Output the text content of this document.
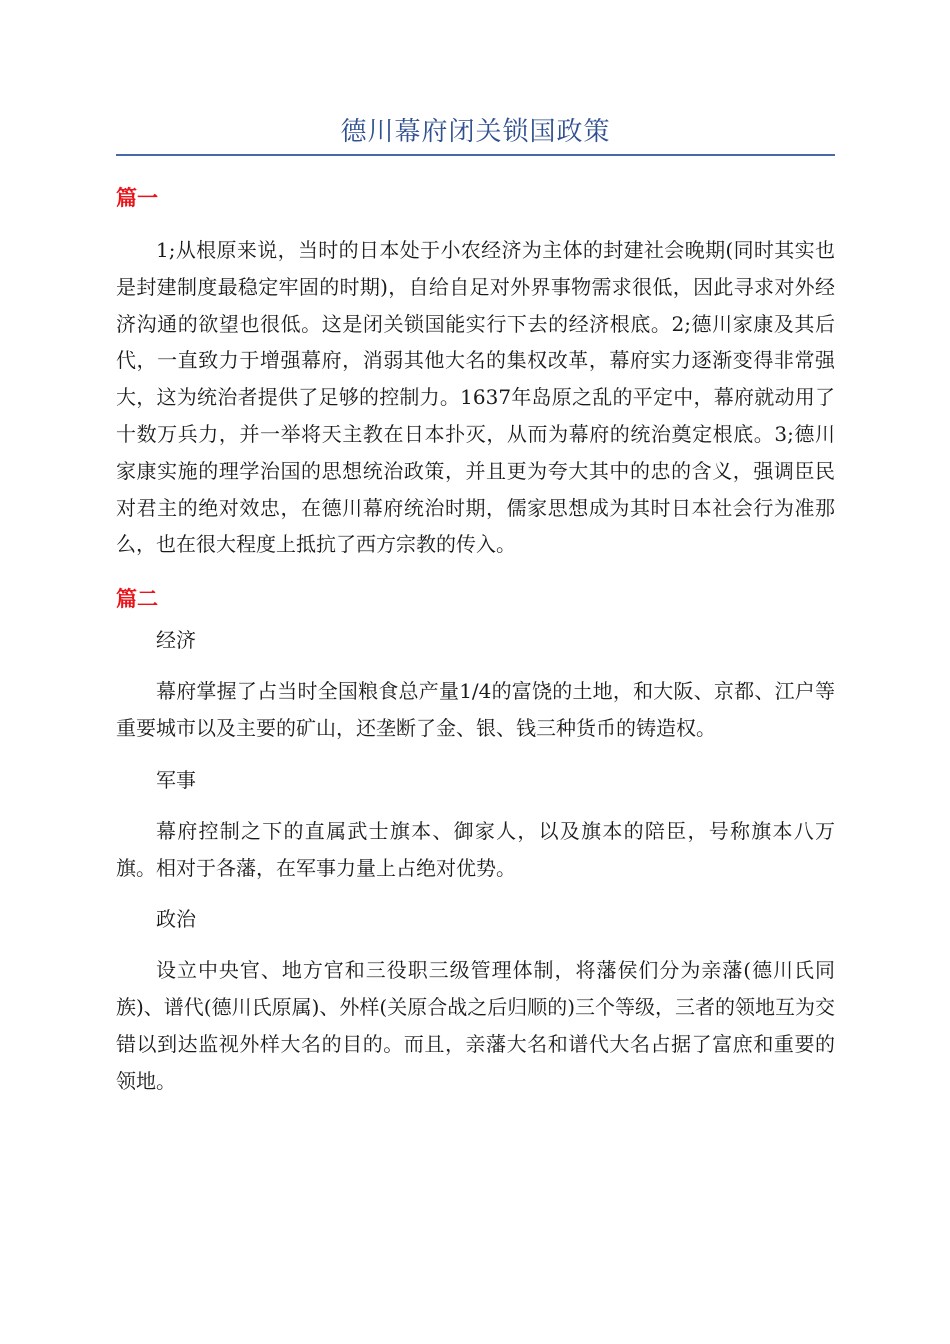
德川幕府闭关锁国政策
篇一

1;从根原来说，当时的日本处于小农经济为主体的封建社会晚期(同时其实也是封建制度最稳定牢固的时期)，自给自足对外界事物需求很低，因此寻求对外经济沟通的欲望也很低。这是闭关锁国能实行下去的经济根底。2;德川家康及其后代，一直致力于增强幕府，消弱其他大名的集权改革，幕府实力逐渐变得非常强大，这为统治者提供了足够的控制力。1637年岛原之乱的平定中，幕府就动用了十数万兵力，并一举将天主教在日本扑灭，从而为幕府的统治奠定根底。3;德川家康实施的理学治国的思想统治政策，并且更为夸大其中的忠的含义，强调臣民对君主的绝对效忠，在德川幕府统治时期，儒家思想成为其时日本社会行为准那么，也在很大程度上抵抗了西方宗教的传入。

篇二

经济

幕府掌握了占当时全国粮食总产量1/4的富饶的土地，和大阪、京都、江户等重要城市以及主要的矿山，还垄断了金、银、钱三种货币的铸造权。

军事

幕府控制之下的直属武士旗本、御家人，以及旗本的陪臣，号称旗本八万旗。相对于各藩，在军事力量上占绝对优势。

政治

设立中央官、地方官和三役职三级管理体制，将藩侯们分为亲藩(德川氏同族)、谱代(德川氏原属)、外样(关原合战之后归顺的)三个等级，三者的领地互为交错以到达监视外样大名的目的。而且，亲藩大名和谱代大名占据了富庶和重要的领地。
